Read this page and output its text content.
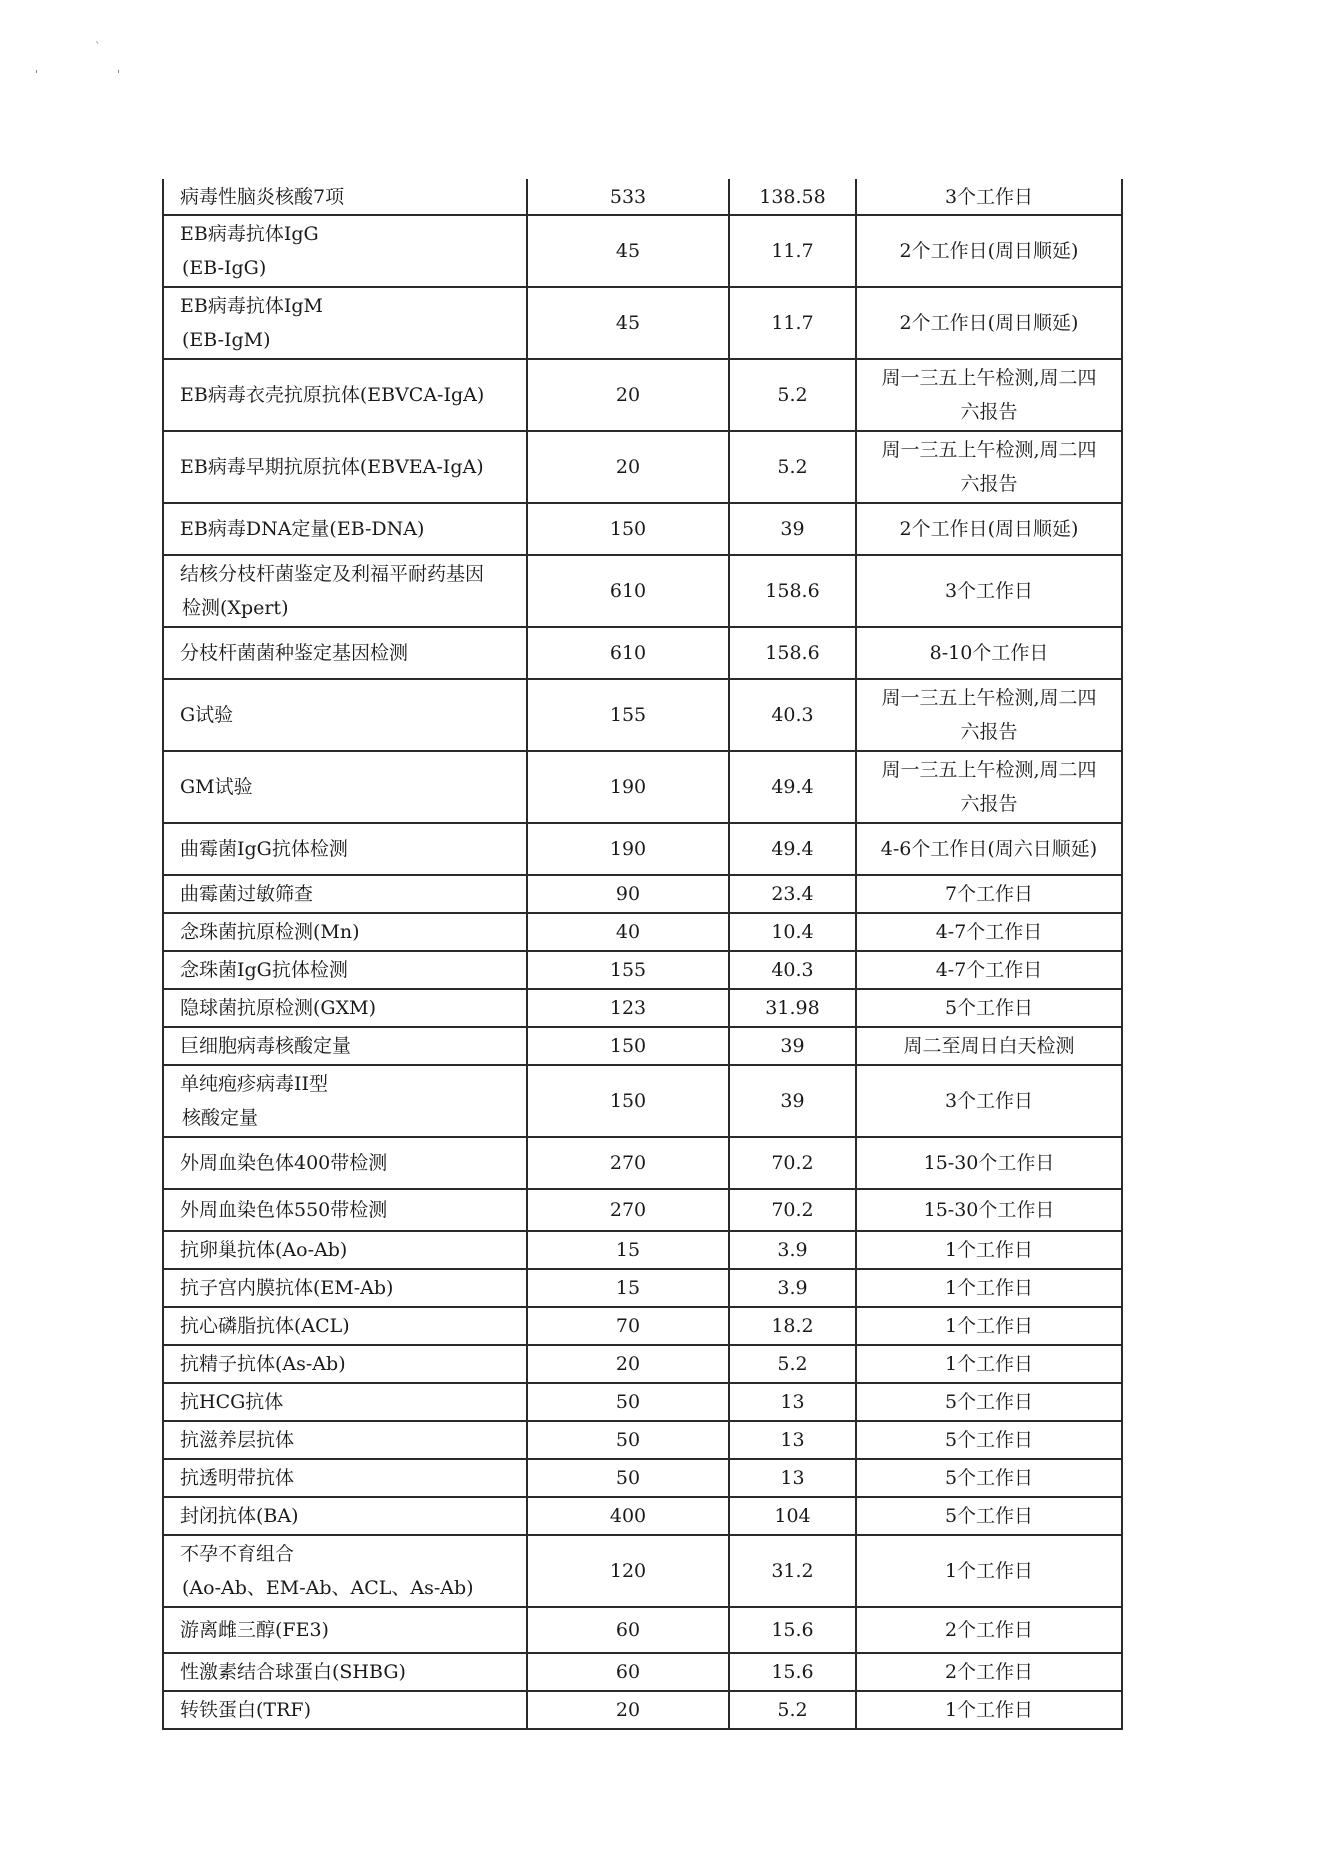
`
'	'
病毒性脑炎核酸7项	533	138.58	3个工作日

EB病毒抗体IgG
(EB-IgG)	45	11.7	2个工作日(周日顺延)

EB病毒抗体IgM
(EB-IgM)	45	11.7	2个工作日(周日顺延)

EB病毒衣壳抗原抗体(EBVCA-IgA)	20	5.2	周一三五上午检测,周二四
六报告

EB病毒早期抗原抗体(EBVEA-IgA)	20	5.2	周一三五上午检测,周二四
六报告

EB病毒DNA定量(EB-DNA)	150	39	2个工作日(周日顺延)

结核分枝杆菌鉴定及利福平耐药基因
检测(Xpert)	610	158.6	3个工作日

分枝杆菌菌种鉴定基因检测	610	158.6	8-10个工作日

G试验	155	40.3	周一三五上午检测,周二四
六报告

GM试验	190	49.4	周一三五上午检测,周二四
六报告

曲霉菌IgG抗体检测	190	49.4	4-6个工作日(周六日顺延)

曲霉菌过敏筛查	90	23.4	7个工作日

念珠菌抗原检测(Mn)	40	10.4	4-7个工作日

念珠菌IgG抗体检测	155	40.3	4-7个工作日

隐球菌抗原检测(GXM)	123	31.98	5个工作日

巨细胞病毒核酸定量	150	39	周二至周日白天检测

单纯疱疹病毒II型
核酸定量	150	39	3个工作日

外周血染色体400带检测	270	70.2	15-30个工作日

外周血染色体550带检测	270	70.2	15-30个工作日

抗卵巢抗体(Ao-Ab)	15	3.9	1个工作日

抗子宫内膜抗体(EM-Ab)	15	3.9	1个工作日

抗心磷脂抗体(ACL)	70	18.2	1个工作日

抗精子抗体(As-Ab)	20	5.2	1个工作日

抗HCG抗体	50	13	5个工作日

抗滋养层抗体	50	13	5个工作日

抗透明带抗体	50	13	5个工作日

封闭抗体(BA)	400	104	5个工作日

不孕不育组合
(Ao-Ab、EM-Ab、ACL、As-Ab)	120	31.2	1个工作日

游离雌三醇(FE3)	60	15.6	2个工作日

性激素结合球蛋白(SHBG)	60	15.6	2个工作日

转铁蛋白(TRF)	20	5.2	1个工作日
